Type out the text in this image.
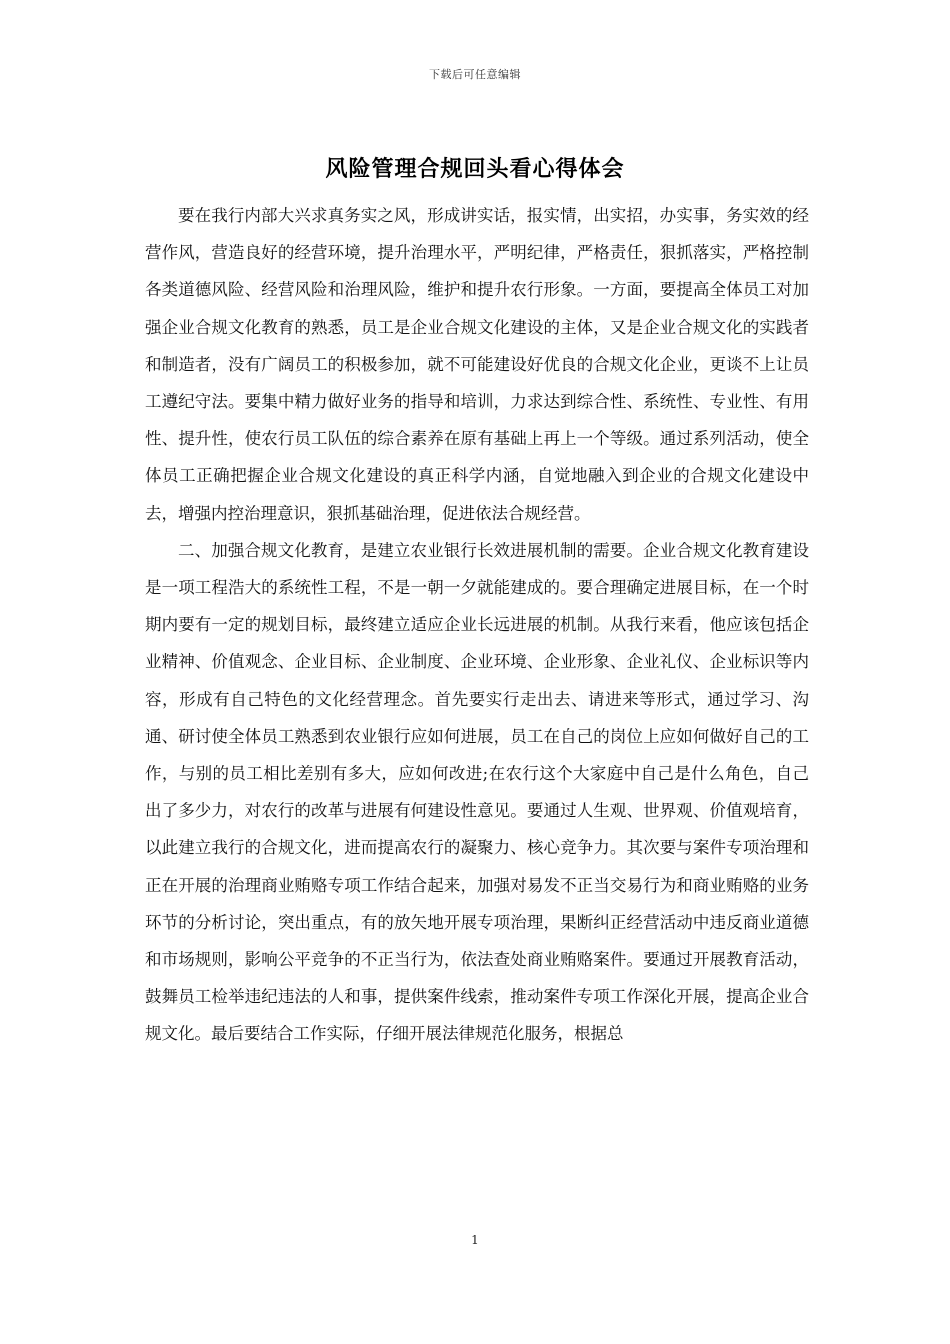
下载后可任意编辑
风险管理合规回头看心得体会

要在我行内部大兴求真务实之风，形成讲实话，报实情，出实招，办实事，务实效的经营作风，营造良好的经营环境，提升治理水平，严明纪律，严格责任，狠抓落实，严格控制各类道德风险、经营风险和治理风险，维护和提升农行形象。一方面，要提高全体员工对加强企业合规文化教育的熟悉，员工是企业合规文化建设的主体，又是企业合规文化的实践者和制造者，没有广阔员工的积极参加，就不可能建设好优良的合规文化企业，更谈不上让员工遵纪守法。要集中精力做好业务的指导和培训，力求达到综合性、系统性、专业性、有用性、提升性，使农行员工队伍的综合素养在原有基础上再上一个等级。通过系列活动，使全体员工正确把握企业合规文化建设的真正科学内涵，自觉地融入到企业的合规文化建设中去，增强内控治理意识，狠抓基础治理，促进依法合规经营。

二、加强合规文化教育，是建立农业银行长效进展机制的需要。企业合规文化教育建设是一项工程浩大的系统性工程，不是一朝一夕就能建成的。要合理确定进展目标，在一个时期内要有一定的规划目标，最终建立适应企业长远进展的机制。从我行来看，他应该包括企业精神、价值观念、企业目标、企业制度、企业环境、企业形象、企业礼仪、企业标识等内容，形成有自己特色的文化经营理念。首先要实行走出去、请进来等形式，通过学习、沟通、研讨使全体员工熟悉到农业银行应如何进展，员工在自己的岗位上应如何做好自己的工作，与别的员工相比差别有多大，应如何改进;在农行这个大家庭中自己是什么角色，自己出了多少力，对农行的改革与进展有何建设性意见。要通过人生观、世界观、价值观培育，以此建立我行的合规文化，进而提高农行的凝聚力、核心竞争力。其次要与案件专项治理和正在开展的治理商业贿赂专项工作结合起来，加强对易发不正当交易行为和商业贿赂的业务环节的分析讨论，突出重点，有的放矢地开展专项治理，果断纠正经营活动中违反商业道德和市场规则，影响公平竞争的不正当行为，依法查处商业贿赂案件。要通过开展教育活动，鼓舞员工检举违纪违法的人和事，提供案件线索，推动案件专项工作深化开展，提高企业合规文化。最后要结合工作实际，仔细开展法律规范化服务，根据总

1
